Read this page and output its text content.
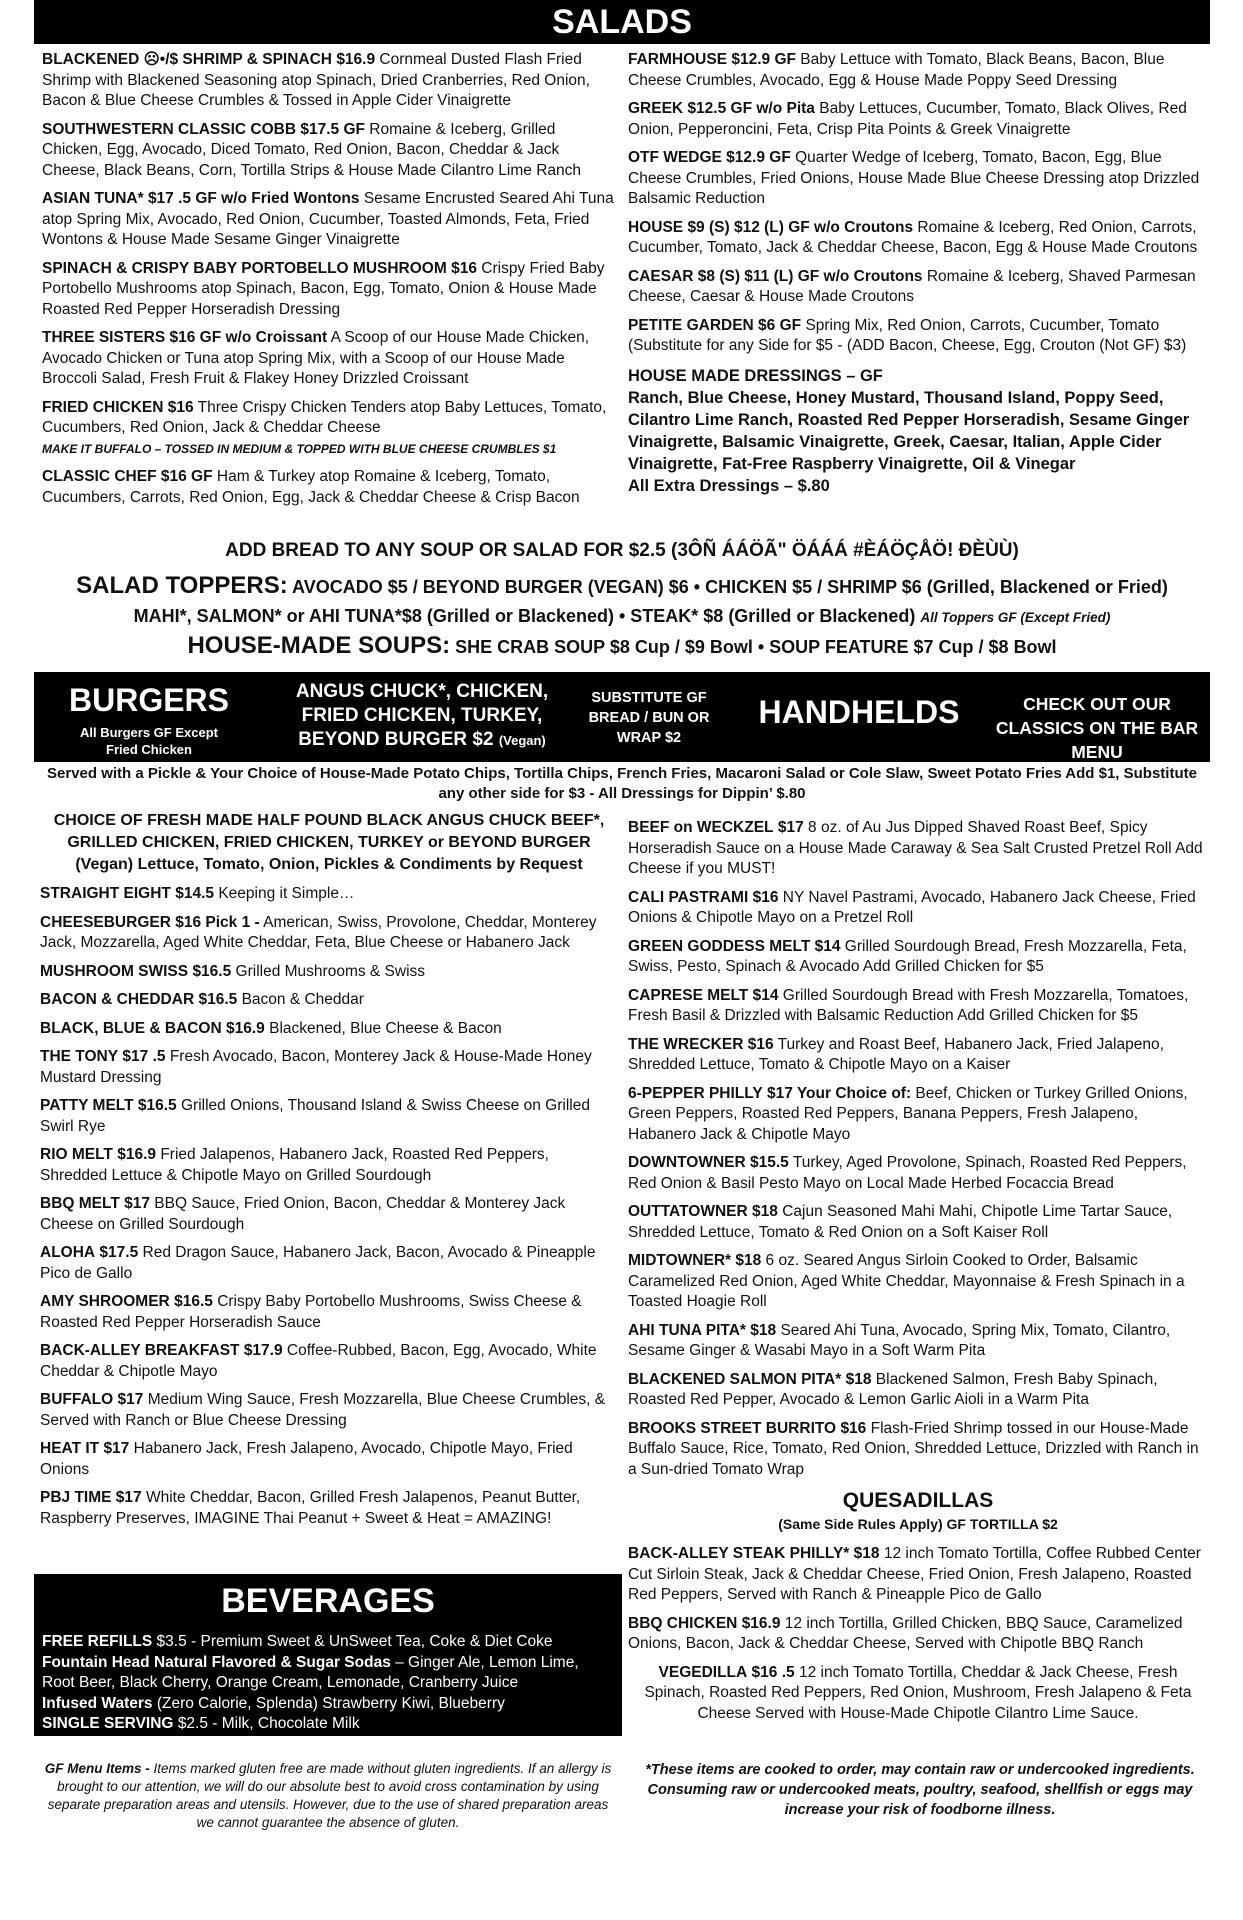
SALADS
BLACKENED ☹•/$ SHRIMP & SPINACH $16.9 Cornmeal Dusted Flash Fried Shrimp with Blackened Seasoning atop Spinach, Dried Cranberries, Red Onion, Bacon & Blue Cheese Crumbles & Tossed in Apple Cider Vinaigrette
SOUTHWESTERN CLASSIC COBB $17.5 GF Romaine & Iceberg, Grilled Chicken, Egg, Avocado, Diced Tomato, Red Onion, Bacon, Cheddar & Jack Cheese, Black Beans, Corn, Tortilla Strips & House Made Cilantro Lime Ranch
ASIAN TUNA* $17 .5 GF w/o Fried Wontons Sesame Encrusted Seared Ahi Tuna atop Spring Mix, Avocado, Red Onion, Cucumber, Toasted Almonds, Feta, Fried Wontons & House Made Sesame Ginger Vinaigrette
SPINACH & CRISPY BABY PORTOBELLO MUSHROOM $16 Crispy Fried Baby Portobello Mushrooms atop Spinach, Bacon, Egg, Tomato, Onion & House Made Roasted Red Pepper Horseradish Dressing
THREE SISTERS $16 GF w/o Croissant A Scoop of our House Made Chicken, Avocado Chicken or Tuna atop Spring Mix, with a Scoop of our House Made Broccoli Salad, Fresh Fruit & Flakey Honey Drizzled Croissant
FRIED CHICKEN $16 Three Crispy Chicken Tenders atop Baby Lettuces, Tomato, Cucumbers, Red Onion, Jack & Cheddar Cheese
MAKE IT BUFFALO – TOSSED IN MEDIUM & TOPPED WITH BLUE CHEESE CRUMBLES $1
CLASSIC CHEF $16 GF Ham & Turkey atop Romaine & Iceberg, Tomato, Cucumbers, Carrots, Red Onion, Egg, Jack & Cheddar Cheese & Crisp Bacon
FARMHOUSE $12.9 GF Baby Lettuce with Tomato, Black Beans, Bacon, Blue Cheese Crumbles, Avocado, Egg & House Made Poppy Seed Dressing
GREEK $12.5 GF w/o Pita Baby Lettuces, Cucumber, Tomato, Black Olives, Red Onion, Pepperoncini, Feta, Crisp Pita Points & Greek Vinaigrette
OTF WEDGE $12.9 GF Quarter Wedge of Iceberg, Tomato, Bacon, Egg, Blue Cheese Crumbles, Fried Onions, House Made Blue Cheese Dressing atop Drizzled Balsamic Reduction
HOUSE $9 (S) $12 (L) GF w/o Croutons Romaine & Iceberg, Red Onion, Carrots, Cucumber, Tomato, Jack & Cheddar Cheese, Bacon, Egg & House Made Croutons
CAESAR $8 (S) $11 (L) GF w/o Croutons Romaine & Iceberg, Shaved Parmesan Cheese, Caesar & House Made Croutons
PETITE GARDEN $6 GF Spring Mix, Red Onion, Carrots, Cucumber, Tomato (Substitute for any Side for $5 - (ADD Bacon, Cheese, Egg, Crouton (Not GF) $3)
HOUSE MADE DRESSINGS – GF
Ranch, Blue Cheese, Honey Mustard, Thousand Island, Poppy Seed, Cilantro Lime Ranch, Roasted Red Pepper Horseradish, Sesame Ginger Vinaigrette, Balsamic Vinaigrette, Greek, Caesar, Italian, Apple Cider Vinaigrette, Fat-Free Raspberry Vinaigrette, Oil & Vinegar
All Extra Dressings – $.80
ADD BREAD TO ANY SOUP OR SALAD FOR $2.5 (3ÔÑ ÁÁÖÃ" ÖÁÁÁ #ÈÁÖÇÅÖ! ÐÈÙÙ)
SALAD TOPPERS: AVOCADO $5 / BEYOND BURGER (VEGAN) $6 • CHICKEN $5 / SHRIMP $6 (Grilled, Blackened or Fried)
MAHI*, SALMON* or AHI TUNA*$8 (Grilled or Blackened) • STEAK* $8 (Grilled or Blackened) All Toppers GF (Except Fried)
HOUSE-MADE SOUPS: SHE CRAB SOUP $8 Cup / $9 Bowl • SOUP FEATURE $7 Cup / $8 Bowl
BURGERS
All Burgers GF Except Fried Chicken
ANGUS CHUCK*, CHICKEN, FRIED CHICKEN, TURKEY, BEYOND BURGER $2 (Vegan)
SUBSTITUTE GF BREAD / BUN OR WRAP $2
HANDHELDS	CHECK OUT OUR CLASSICS ON THE BAR MENU
Served with a Pickle & Your Choice of House-Made Potato Chips, Tortilla Chips, French Fries, Macaroni Salad or Cole Slaw, Sweet Potato Fries Add $1, Substitute any other side for $3 - All Dressings for Dippin’ $.80
CHOICE OF FRESH MADE HALF POUND BLACK ANGUS CHUCK BEEF*, GRILLED CHICKEN, FRIED CHICKEN, TURKEY or BEYOND BURGER (Vegan) Lettuce, Tomato, Onion, Pickles & Condiments by Request
STRAIGHT EIGHT $14.5 Keeping it Simple…
CHEESEBURGER $16 Pick 1 - American, Swiss, Provolone, Cheddar, Monterey Jack, Mozzarella, Aged White Cheddar, Feta, Blue Cheese or Habanero Jack
MUSHROOM SWISS $16.5 Grilled Mushrooms & Swiss
BACON & CHEDDAR $16.5 Bacon & Cheddar
BLACK, BLUE & BACON $16.9 Blackened, Blue Cheese & Bacon
THE TONY $17 .5 Fresh Avocado, Bacon, Monterey Jack & House-Made Honey Mustard Dressing
PATTY MELT $16.5 Grilled Onions, Thousand Island & Swiss Cheese on Grilled Swirl Rye
RIO MELT $16.9 Fried Jalapenos, Habanero Jack, Roasted Red Peppers, Shredded Lettuce & Chipotle Mayo on Grilled Sourdough
BBQ MELT $17 BBQ Sauce, Fried Onion, Bacon, Cheddar & Monterey Jack Cheese on Grilled Sourdough
ALOHA $17.5 Red Dragon Sauce, Habanero Jack, Bacon, Avocado & Pineapple Pico de Gallo
AMY SHROOMER $16.5 Crispy Baby Portobello Mushrooms, Swiss Cheese & Roasted Red Pepper Horseradish Sauce
BACK-ALLEY BREAKFAST $17.9 Coffee-Rubbed, Bacon, Egg, Avocado, White Cheddar & Chipotle Mayo
BUFFALO $17 Medium Wing Sauce, Fresh Mozzarella, Blue Cheese Crumbles, & Served with Ranch or Blue Cheese Dressing
HEAT IT $17 Habanero Jack, Fresh Jalapeno, Avocado, Chipotle Mayo, Fried Onions
PBJ TIME $17 White Cheddar, Bacon, Grilled Fresh Jalapenos, Peanut Butter, Raspberry Preserves, IMAGINE Thai Peanut + Sweet & Heat = AMAZING!
BEEF on WECKZEL $17 8 oz. of Au Jus Dipped Shaved Roast Beef, Spicy Horseradish Sauce on a House Made Caraway & Sea Salt Crusted Pretzel Roll Add Cheese if you MUST!
CALI PASTRAMI $16 NY Navel Pastrami, Avocado, Habanero Jack Cheese, Fried Onions & Chipotle Mayo on a Pretzel Roll
GREEN GODDESS MELT $14 Grilled Sourdough Bread, Fresh Mozzarella, Feta, Swiss, Pesto, Spinach & Avocado Add Grilled Chicken for $5
CAPRESE MELT $14 Grilled Sourdough Bread with Fresh Mozzarella, Tomatoes, Fresh Basil & Drizzled with Balsamic Reduction Add Grilled Chicken for $5
THE WRECKER $16 Turkey and Roast Beef, Habanero Jack, Fried Jalapeno, Shredded Lettuce, Tomato & Chipotle Mayo on a Kaiser
6-PEPPER PHILLY $17 Your Choice of: Beef, Chicken or Turkey Grilled Onions, Green Peppers, Roasted Red Peppers, Banana Peppers, Fresh Jalapeno, Habanero Jack & Chipotle Mayo
DOWNTOWNER $15.5 Turkey, Aged Provolone, Spinach, Roasted Red Peppers, Red Onion & Basil Pesto Mayo on Local Made Herbed Focaccia Bread
OUTTATOWNER $18 Cajun Seasoned Mahi Mahi, Chipotle Lime Tartar Sauce, Shredded Lettuce, Tomato & Red Onion on a Soft Kaiser Roll
MIDTOWNER* $18 6 oz. Seared Angus Sirloin Cooked to Order, Balsamic Caramelized Red Onion, Aged White Cheddar, Mayonnaise & Fresh Spinach in a Toasted Hoagie Roll
AHI TUNA PITA* $18 Seared Ahi Tuna, Avocado, Spring Mix, Tomato, Cilantro, Sesame Ginger & Wasabi Mayo in a Soft Warm Pita
BLACKENED SALMON PITA* $18 Blackened Salmon, Fresh Baby Spinach, Roasted Red Pepper, Avocado & Lemon Garlic Aioli in a Warm Pita
BROOKS STREET BURRITO $16 Flash-Fried Shrimp tossed in our House-Made Buffalo Sauce, Rice, Tomato, Red Onion, Shredded Lettuce, Drizzled with Ranch in a Sun-dried Tomato Wrap
QUESADILLAS
(Same Side Rules Apply) GF TORTILLA $2
BACK-ALLEY STEAK PHILLY* $18 12 inch Tomato Tortilla, Coffee Rubbed Center Cut Sirloin Steak, Jack & Cheddar Cheese, Fried Onion, Fresh Jalapeno, Roasted Red Peppers, Served with Ranch & Pineapple Pico de Gallo
BBQ CHICKEN $16.9 12 inch Tortilla, Grilled Chicken, BBQ Sauce, Caramelized Onions, Bacon, Jack & Cheddar Cheese, Served with Chipotle BBQ Ranch
VEGEDILLA $16 .5 12 inch Tomato Tortilla, Cheddar & Jack Cheese, Fresh Spinach, Roasted Red Peppers, Red Onion, Mushroom, Fresh Jalapeno & Feta Cheese Served with House-Made Chipotle Cilantro Lime Sauce.
BEVERAGES
FREE REFILLS $3.5 - Premium Sweet & UnSweet Tea, Coke & Diet Coke
Fountain Head Natural Flavored & Sugar Sodas – Ginger Ale, Lemon Lime, Root Beer, Black Cherry, Orange Cream, Lemonade, Cranberry Juice
Infused Waters (Zero Calorie, Splenda) Strawberry Kiwi, Blueberry
SINGLE SERVING $2.5 - Milk, Chocolate Milk
KIDS JUICE BOXES $2.5 - Apple or Punch
GF Menu Items - Items marked gluten free are made without gluten ingredients. If an allergy is brought to our attention, we will do our absolute best to avoid cross contamination by using separate preparation areas and utensils. However, due to the use of shared preparation areas we cannot guarantee the absence of gluten.
*These items are cooked to order, may contain raw or undercooked ingredients. Consuming raw or undercooked meats, poultry, seafood, shellfish or eggs may increase your risk of foodborne illness.
